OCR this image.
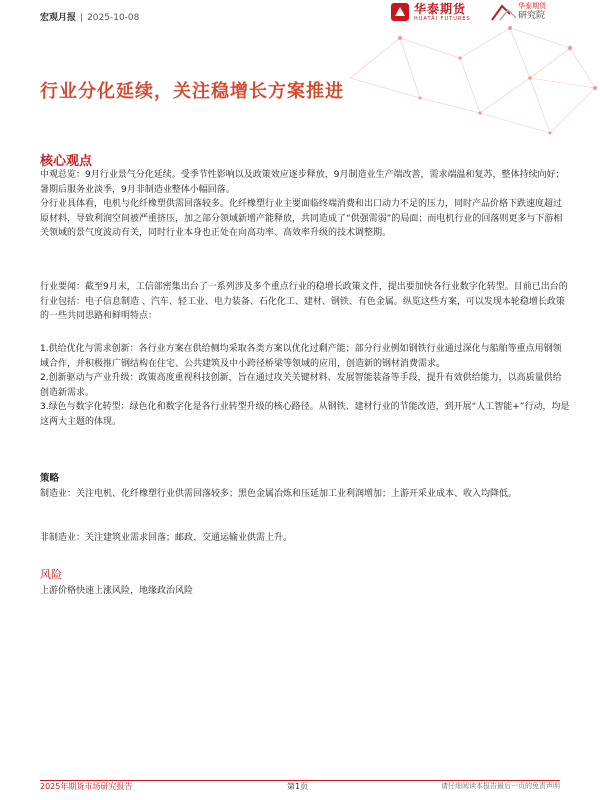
宏观月报 | 2025-10-08
华泰期货
HUATAI FUTURES
华泰期货
研究院
行业分化延续，关注稳增长方案推进
核心观点

中观总览：9月行业景气分化延续。受季节性影响以及政策效应逐步释放，9月制造业生产端改善，需求端温和复苏，整体持续向好；暑期后服务业淡季，9月非制造业整体小幅回落。

分行业具体看，电机与化纤橡塑供需回落较多。化纤橡塑行业主要面临终端消费和出口动力不足的压力，同时产品价格下跌速度超过原材料，导致利润空间被严重挤压，加之部分领域新增产能释放，共同造成了“供强需弱”的局面；而电机行业的回落则更多与下游相关领域的景气度波动有关，同时行业本身也正处在向高功率、高效率升级的技术调整期。

行业要闻：截至9月末，工信部密集出台了一系列涉及多个重点行业的稳增长政策文件，提出要加快各行业数字化转型。目前已出台的行业包括：电子信息制造 、汽车、轻工业、电力装备、石化化工、建材、钢铁、有色金属。纵览这些方案，可以发现本轮稳增长政策的一些共同思路和鲜明特点：

1.供给优化与需求创新：各行业方案在供给侧均采取各类方案以优化过剩产能；部分行业例如钢铁行业通过深化与船舶等重点用钢领域合作，并积极推广钢结构在住宅、公共建筑及中小跨径桥梁等领域的应用，创造新的钢材消费需求。

2.创新驱动与产业升级：政策高度重视科技创新，旨在通过攻关关键材料、发展智能装备等手段，提升有效供给能力，以高质量供给创造新需求。

3.绿色与数字化转型：绿色化和数字化是各行业转型升级的核心路径。从钢铁、建材行业的节能改造，到开展“人工智能+”行动，均是这两大主题的体现。

策略

制造业：关注电机、化纤橡塑行业供需回落较多；黑色金属冶炼和压延加工业利润增加；上游开采业成本、收入均降低。

非制造业：关注建筑业需求回落；邮政、交通运输业供需上升。

风险

上游价格快速上涨风险，地缘政治风险

2025年期货市场研究报告	第1页	请仔细阅读本报告最后一页的免责声明
